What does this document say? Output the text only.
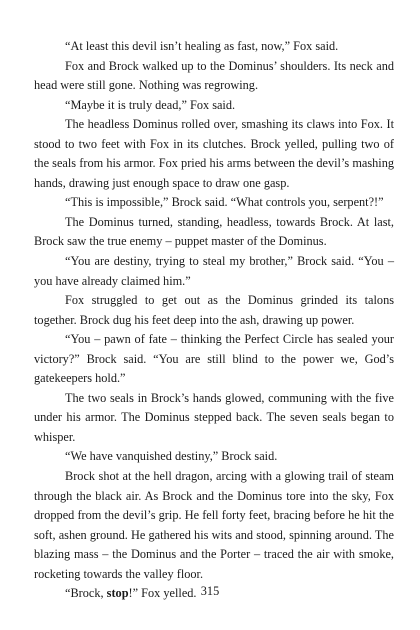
“At least this devil isn’t healing as fast, now,” Fox said.

Fox and Brock walked up to the Dominus’ shoulders. Its neck and head were still gone. Nothing was regrowing.

“Maybe it is truly dead,” Fox said.

The headless Dominus rolled over, smashing its claws into Fox. It stood to two feet with Fox in its clutches. Brock yelled, pulling two of the seals from his armor. Fox pried his arms between the devil’s mashing hands, drawing just enough space to draw one gasp.

“This is impossible,” Brock said. “What controls you, serpent?!”

The Dominus turned, standing, headless, towards Brock. At last, Brock saw the true enemy – puppet master of the Dominus.

“You are destiny, trying to steal my brother,” Brock said. “You – you have already claimed him.”

Fox struggled to get out as the Dominus grinded its talons together. Brock dug his feet deep into the ash, drawing up power.

“You – pawn of fate – thinking the Perfect Circle has sealed your victory?” Brock said. “You are still blind to the power we, God’s gatekeepers hold.”

The two seals in Brock’s hands glowed, communing with the five under his armor. The Dominus stepped back. The seven seals began to whisper.

“We have vanquished destiny,” Brock said.

Brock shot at the hell dragon, arcing with a glowing trail of steam through the black air. As Brock and the Dominus tore into the sky, Fox dropped from the devil’s grip. He fell forty feet, bracing before he hit the soft, ashen ground. He gathered his wits and stood, spinning around. The blazing mass – the Dominus and the Porter – traced the air with smoke, rocketing towards the valley floor.

“Brock, stop!” Fox yelled. 315
